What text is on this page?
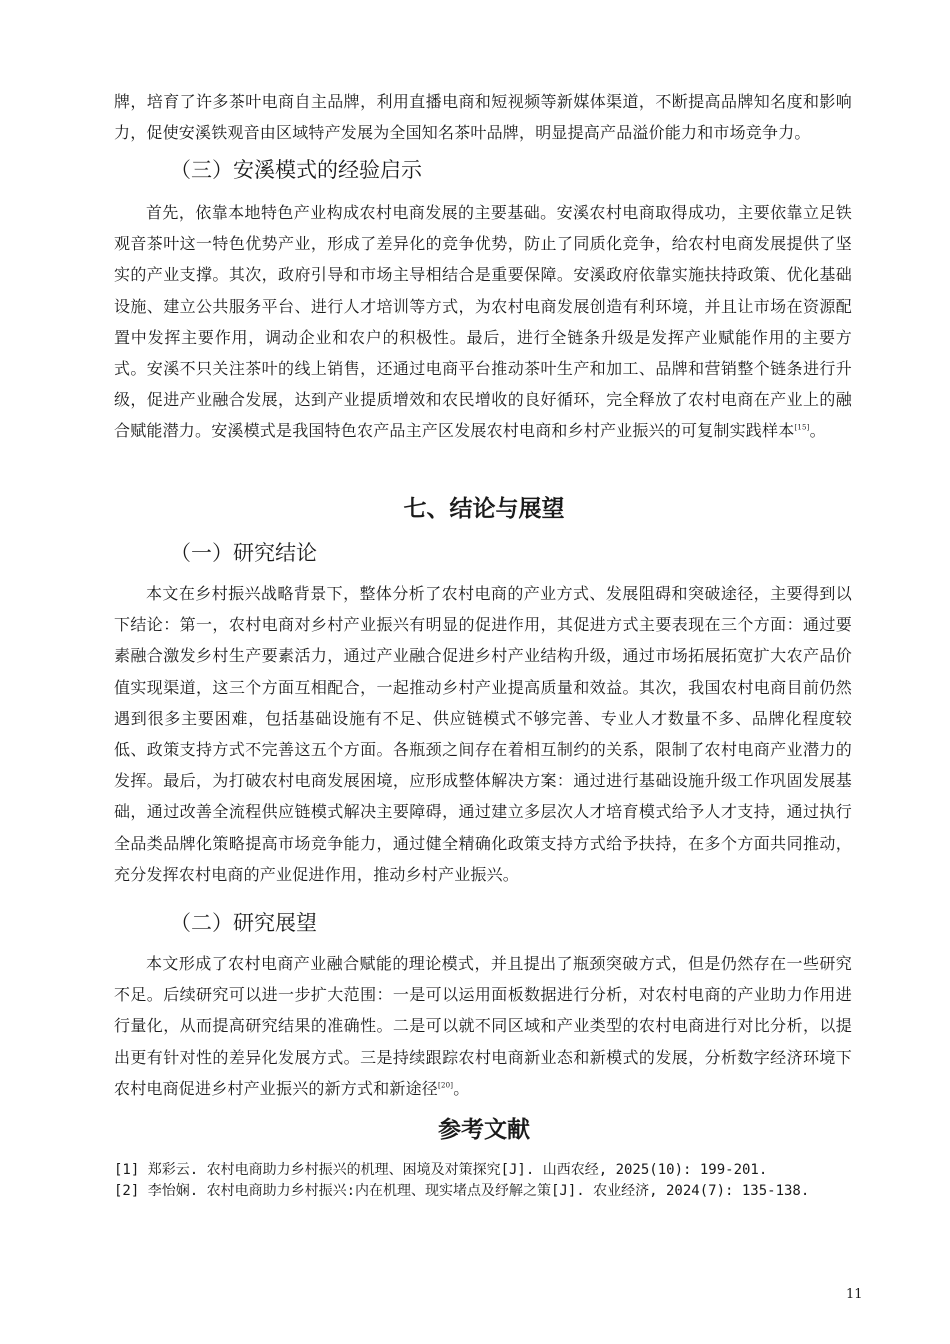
牌，培育了许多茶叶电商自主品牌，利用直播电商和短视频等新媒体渠道，不断提高品牌知名度和影响力，促使安溪铁观音由区域特产发展为全国知名茶叶品牌，明显提高产品溢价能力和市场竞争力。

（三）安溪模式的经验启示

首先，依靠本地特色产业构成农村电商发展的主要基础。安溪农村电商取得成功，主要依靠立足铁观音茶叶这一特色优势产业，形成了差异化的竞争优势，防止了同质化竞争，给农村电商发展提供了坚实的产业支撑。其次，政府引导和市场主导相结合是重要保障。安溪政府依靠实施扶持政策、优化基础设施、建立公共服务平台、进行人才培训等方式，为农村电商发展创造有利环境，并且让市场在资源配置中发挥主要作用，调动企业和农户的积极性。最后，进行全链条升级是发挥产业赋能作用的主要方式。安溪不只关注茶叶的线上销售，还通过电商平台推动茶叶生产和加工、品牌和营销整个链条进行升级，促进产业融合发展，达到产业提质增效和农民增收的良好循环，完全释放了农村电商在产业上的融合赋能潜力。安溪模式是我国特色农产品主产区发展农村电商和乡村产业振兴的可复制实践样本[15]。

七、结论与展望
（一）研究结论

本文在乡村振兴战略背景下，整体分析了农村电商的产业方式、发展阻碍和突破途径，主要得到以下结论：第一，农村电商对乡村产业振兴有明显的促进作用，其促进方式主要表现在三个方面：通过要素融合激发乡村生产要素活力，通过产业融合促进乡村产业结构升级，通过市场拓展拓宽扩大农产品价值实现渠道，这三个方面互相配合，一起推动乡村产业提高质量和效益。其次，我国农村电商目前仍然遇到很多主要困难，包括基础设施有不足、供应链模式不够完善、专业人才数量不多、品牌化程度较低、政策支持方式不完善这五个方面。各瓶颈之间存在着相互制约的关系，限制了农村电商产业潜力的发挥。最后，为打破农村电商发展困境，应形成整体解决方案：通过进行基础设施升级工作巩固发展基础，通过改善全流程供应链模式解决主要障碍，通过建立多层次人才培育模式给予人才支持，通过执行全品类品牌化策略提高市场竞争能力，通过健全精确化政策支持方式给予扶持，在多个方面共同推动，充分发挥农村电商的产业促进作用，推动乡村产业振兴。

（二）研究展望

本文形成了农村电商产业融合赋能的理论模式，并且提出了瓶颈突破方式，但是仍然存在一些研究不足。后续研究可以进一步扩大范围：一是可以运用面板数据进行分析，对农村电商的产业助力作用进行量化，从而提高研究结果的准确性。二是可以就不同区域和产业类型的农村电商进行对比分析，以提出更有针对性的差异化发展方式。三是持续跟踪农村电商新业态和新模式的发展，分析数字经济环境下农村电商促进乡村产业振兴的新方式和新途径[20]。

参考文献

[1] 郑彩云. 农村电商助力乡村振兴的机理、困境及对策探究[J]. 山西农经, 2025(10): 199-201.

[2] 李怡娴. 农村电商助力乡村振兴:内在机理、现实堵点及纾解之策[J]. 农业经济, 2024(7): 135-138.

11
